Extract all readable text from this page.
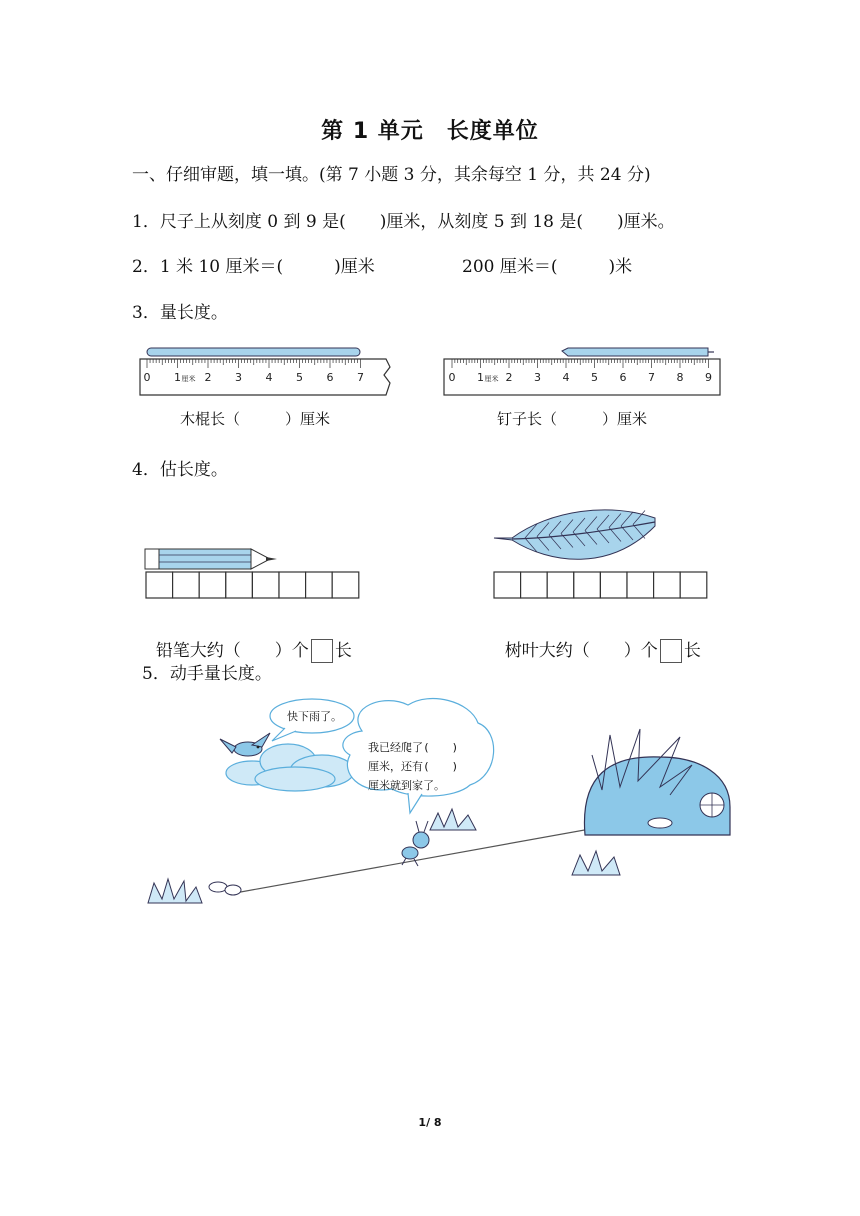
第 1 单元　长度单位
一、仔细审题，填一填。(第 7 小题 3 分，其余每空 1 分，共 24 分)
1．尺子上从刻度 0 到 9 是(　　)厘米，从刻度 5 到 18 是(　　)厘米。
2．1 米 10 厘米＝(　　　)厘米	200 厘米＝(　　　)米
3．量长度。
0 1 厘米 2 3 4 5 6 7
木棍长（　　　）厘米
0 1 厘米 2 3 4 5 6 7 8 9
钉子长（　　　）厘米
4．估长度。

铅笔大约（　　）个 长	树叶大约（　　）个 长

5．动手量长度。
快下雨了。
我已经爬了(　　)
厘米，还有(　　)
厘米就到家了。
1/ 8
